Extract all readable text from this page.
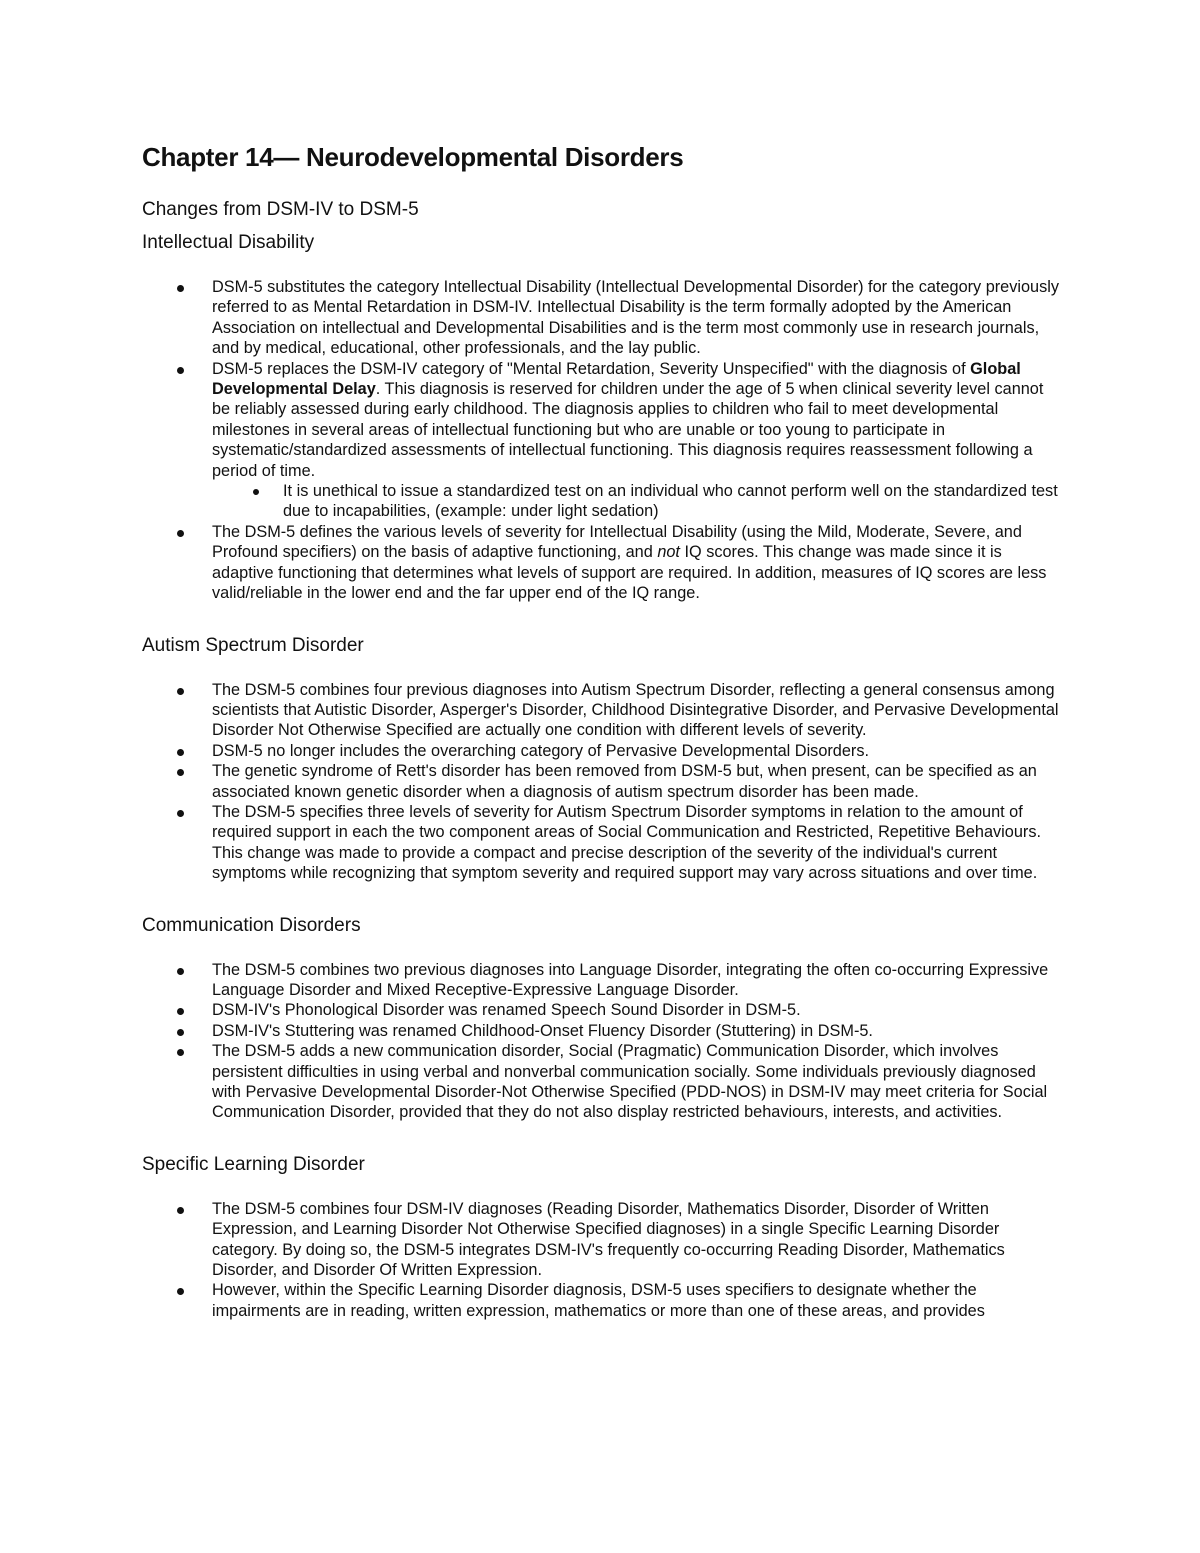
Chapter 14— Neurodevelopmental Disorders
Changes from DSM-IV to DSM-5
Intellectual Disability
DSM-5 substitutes the category Intellectual Disability (Intellectual Developmental Disorder) for the category previously referred to as Mental Retardation in DSM-IV. Intellectual Disability is the term formally adopted by the American Association on intellectual and Developmental Disabilities and is the term most commonly use in research journals, and by medical, educational, other professionals, and the lay public.
DSM-5 replaces the DSM-IV category of "Mental Retardation, Severity Unspecified" with the diagnosis of Global Developmental Delay. This diagnosis is reserved for children under the age of 5 when clinical severity level cannot be reliably assessed during early childhood. The diagnosis applies to children who fail to meet developmental milestones in several areas of intellectual functioning but who are unable or too young to participate in systematic/standardized assessments of intellectual functioning. This diagnosis requires reassessment following a period of time.
It is unethical to issue a standardized test on an individual who cannot perform well on the standardized test due to incapabilities, (example: under light sedation)
The DSM-5 defines the various levels of severity for Intellectual Disability (using the Mild, Moderate, Severe, and Profound specifiers) on the basis of adaptive functioning, and not IQ scores. This change was made since it is adaptive functioning that determines what levels of support are required. In addition, measures of IQ scores are less valid/reliable in the lower end and the far upper end of the IQ range.
Autism Spectrum Disorder
The DSM-5 combines four previous diagnoses into Autism Spectrum Disorder, reflecting a general consensus among scientists that Autistic Disorder, Asperger's Disorder, Childhood Disintegrative Disorder, and Pervasive Developmental Disorder Not Otherwise Specified are actually one condition with different levels of severity.
DSM-5 no longer includes the overarching category of Pervasive Developmental Disorders.
The genetic syndrome of Rett's disorder has been removed from DSM-5 but, when present, can be specified as an associated known genetic disorder when a diagnosis of autism spectrum disorder has been made.
The DSM-5 specifies three levels of severity for Autism Spectrum Disorder symptoms in relation to the amount of required support in each the two component areas of Social Communication and Restricted, Repetitive Behaviours. This change was made to provide a compact and precise description of the severity of the individual's current symptoms while recognizing that symptom severity and required support may vary across situations and over time.
Communication Disorders
The DSM-5 combines two previous diagnoses into Language Disorder, integrating the often co-occurring Expressive Language Disorder and Mixed Receptive-Expressive Language Disorder.
DSM-IV's Phonological Disorder was renamed Speech Sound Disorder in DSM-5.
DSM-IV's Stuttering was renamed Childhood-Onset Fluency Disorder (Stuttering) in DSM-5.
The DSM-5 adds a new communication disorder, Social (Pragmatic) Communication Disorder, which involves persistent difficulties in using verbal and nonverbal communication socially. Some individuals previously diagnosed with Pervasive Developmental Disorder-Not Otherwise Specified (PDD-NOS) in DSM-IV may meet criteria for Social Communication Disorder, provided that they do not also display restricted behaviours, interests, and activities.
Specific Learning Disorder
The DSM-5 combines four DSM-IV diagnoses (Reading Disorder, Mathematics Disorder, Disorder of Written Expression, and Learning Disorder Not Otherwise Specified diagnoses) in a single Specific Learning Disorder category. By doing so, the DSM-5 integrates DSM-IV's frequently co-occurring Reading Disorder, Mathematics Disorder, and Disorder Of Written Expression.
However, within the Specific Learning Disorder diagnosis, DSM-5 uses specifiers to designate whether the impairments are in reading, written expression, mathematics or more than one of these areas, and provides
